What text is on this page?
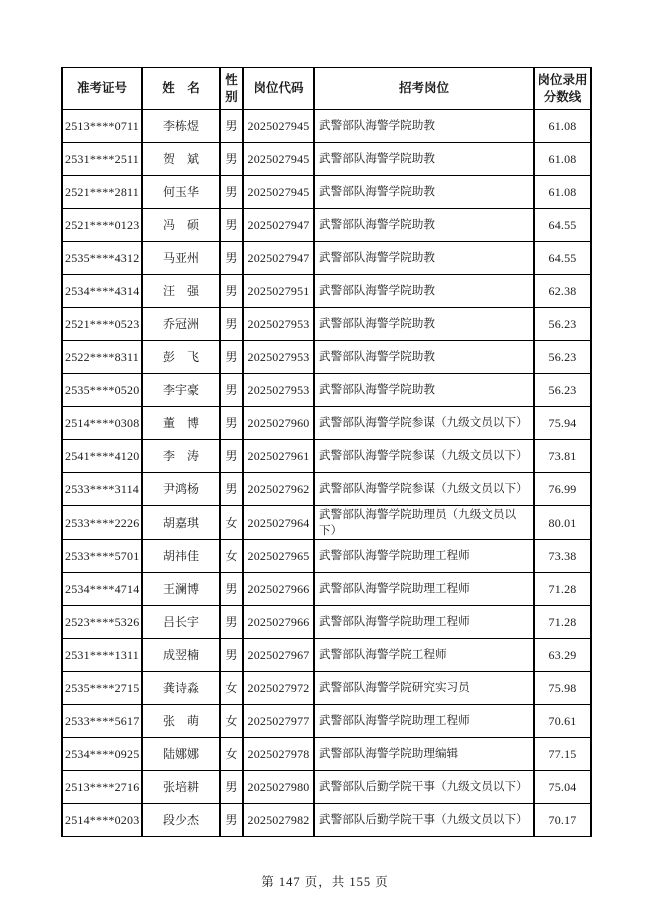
准考证号	姓　名	性别	岗位代码	招考岗位	岗位录用分数线
2513****0711	李栋煜	男	2025027945	武警部队海警学院助教	61.08
2531****2511	贺　斌	男	2025027945	武警部队海警学院助教	61.08
2521****2811	何玉华	男	2025027945	武警部队海警学院助教	61.08
2521****0123	冯　硕	男	2025027947	武警部队海警学院助教	64.55
2535****4312	马亚州	男	2025027947	武警部队海警学院助教	64.55
2534****4314	汪　强	男	2025027951	武警部队海警学院助教	62.38
2521****0523	乔冠洲	男	2025027953	武警部队海警学院助教	56.23
2522****8311	彭　飞	男	2025027953	武警部队海警学院助教	56.23
2535****0520	李宇豪	男	2025027953	武警部队海警学院助教	56.23
2514****0308	董　博	男	2025027960	武警部队海警学院参谋（九级文员以下）	75.94
2541****4120	李　涛	男	2025027961	武警部队海警学院参谋（九级文员以下）	73.81
2533****3114	尹鸿杨	男	2025027962	武警部队海警学院参谋（九级文员以下）	76.99
2533****2226	胡嘉琪	女	2025027964	武警部队海警学院助理员（九级文员以下）	80.01
2533****5701	胡祎佳	女	2025027965	武警部队海警学院助理工程师	73.38
2534****4714	王澜博	男	2025027966	武警部队海警学院助理工程师	71.28
2523****5326	吕长宇	男	2025027966	武警部队海警学院助理工程师	71.28
2531****1311	成翌楠	男	2025027967	武警部队海警学院工程师	63.29
2535****2715	龚诗淼	女	2025027972	武警部队海警学院研究实习员	75.98
2533****5617	张　萌	女	2025027977	武警部队海警学院助理工程师	70.61
2534****0925	陆娜娜	女	2025027978	武警部队海警学院助理编辑	77.15
2513****2716	张培耕	男	2025027980	武警部队后勤学院干事（九级文员以下）	75.04
2514****0203	段少杰	男	2025027982	武警部队后勤学院干事（九级文员以下）	70.17
第 147 页，共 155 页
